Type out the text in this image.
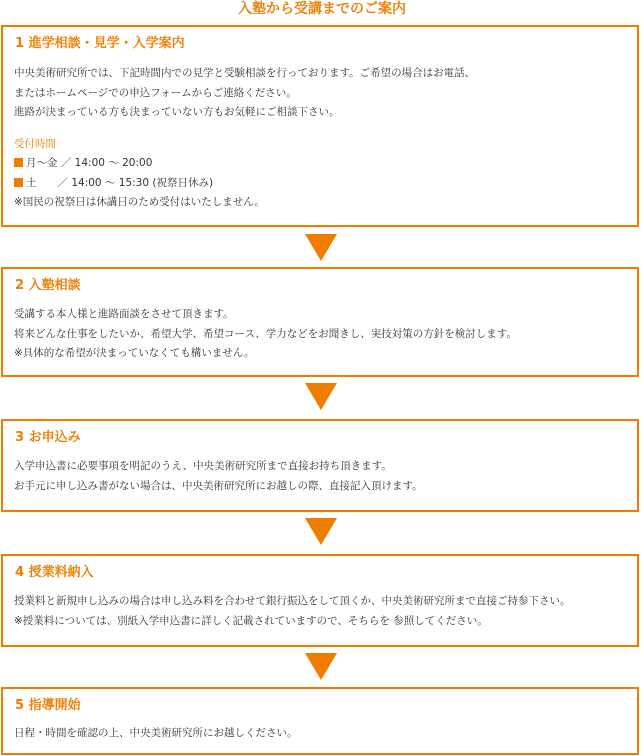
入塾から受講までのご案内
1 進学相談・見学・入学案内
中央美術研究所では、下記時間内での見学と受験相談を行っております。ご希望の場合はお電話、
またはホームページでの申込フォームからご連絡ください。
進路が決まっている方も決まっていない方もお気軽にご相談下さい。
受付時間
月〜金 ／ 14:00 〜 20:00
土　　／ 14:00 〜 15:30 (祝祭日休み)
※国民の祝祭日は休講日のため受付はいたしません。
2 入塾相談
受講する本人様と進路面談をさせて頂きます。
将来どんな仕事をしたいか、希望大学、希望コース、学力などをお聞きし、実技対策の方針を検討します。
※具体的な希望が決まっていなくても構いません。
3 お申込み
入学申込書に必要事項を明記のうえ、中央美術研究所まで直接お持ち頂きます。
お手元に申し込み書がない場合は、中央美術研究所にお越しの際、直接記入頂けます。
4 授業料納入
授業料と新規申し込みの場合は申し込み料を合わせて銀行振込をして頂くか、中央美術研究所まで直接ご持参下さい。
※授業料については、別紙入学申込書に詳しく記載されていますので、そちらを 参照してください。
5 指導開始
日程・時間を確認の上、中央美術研究所にお越しください。
